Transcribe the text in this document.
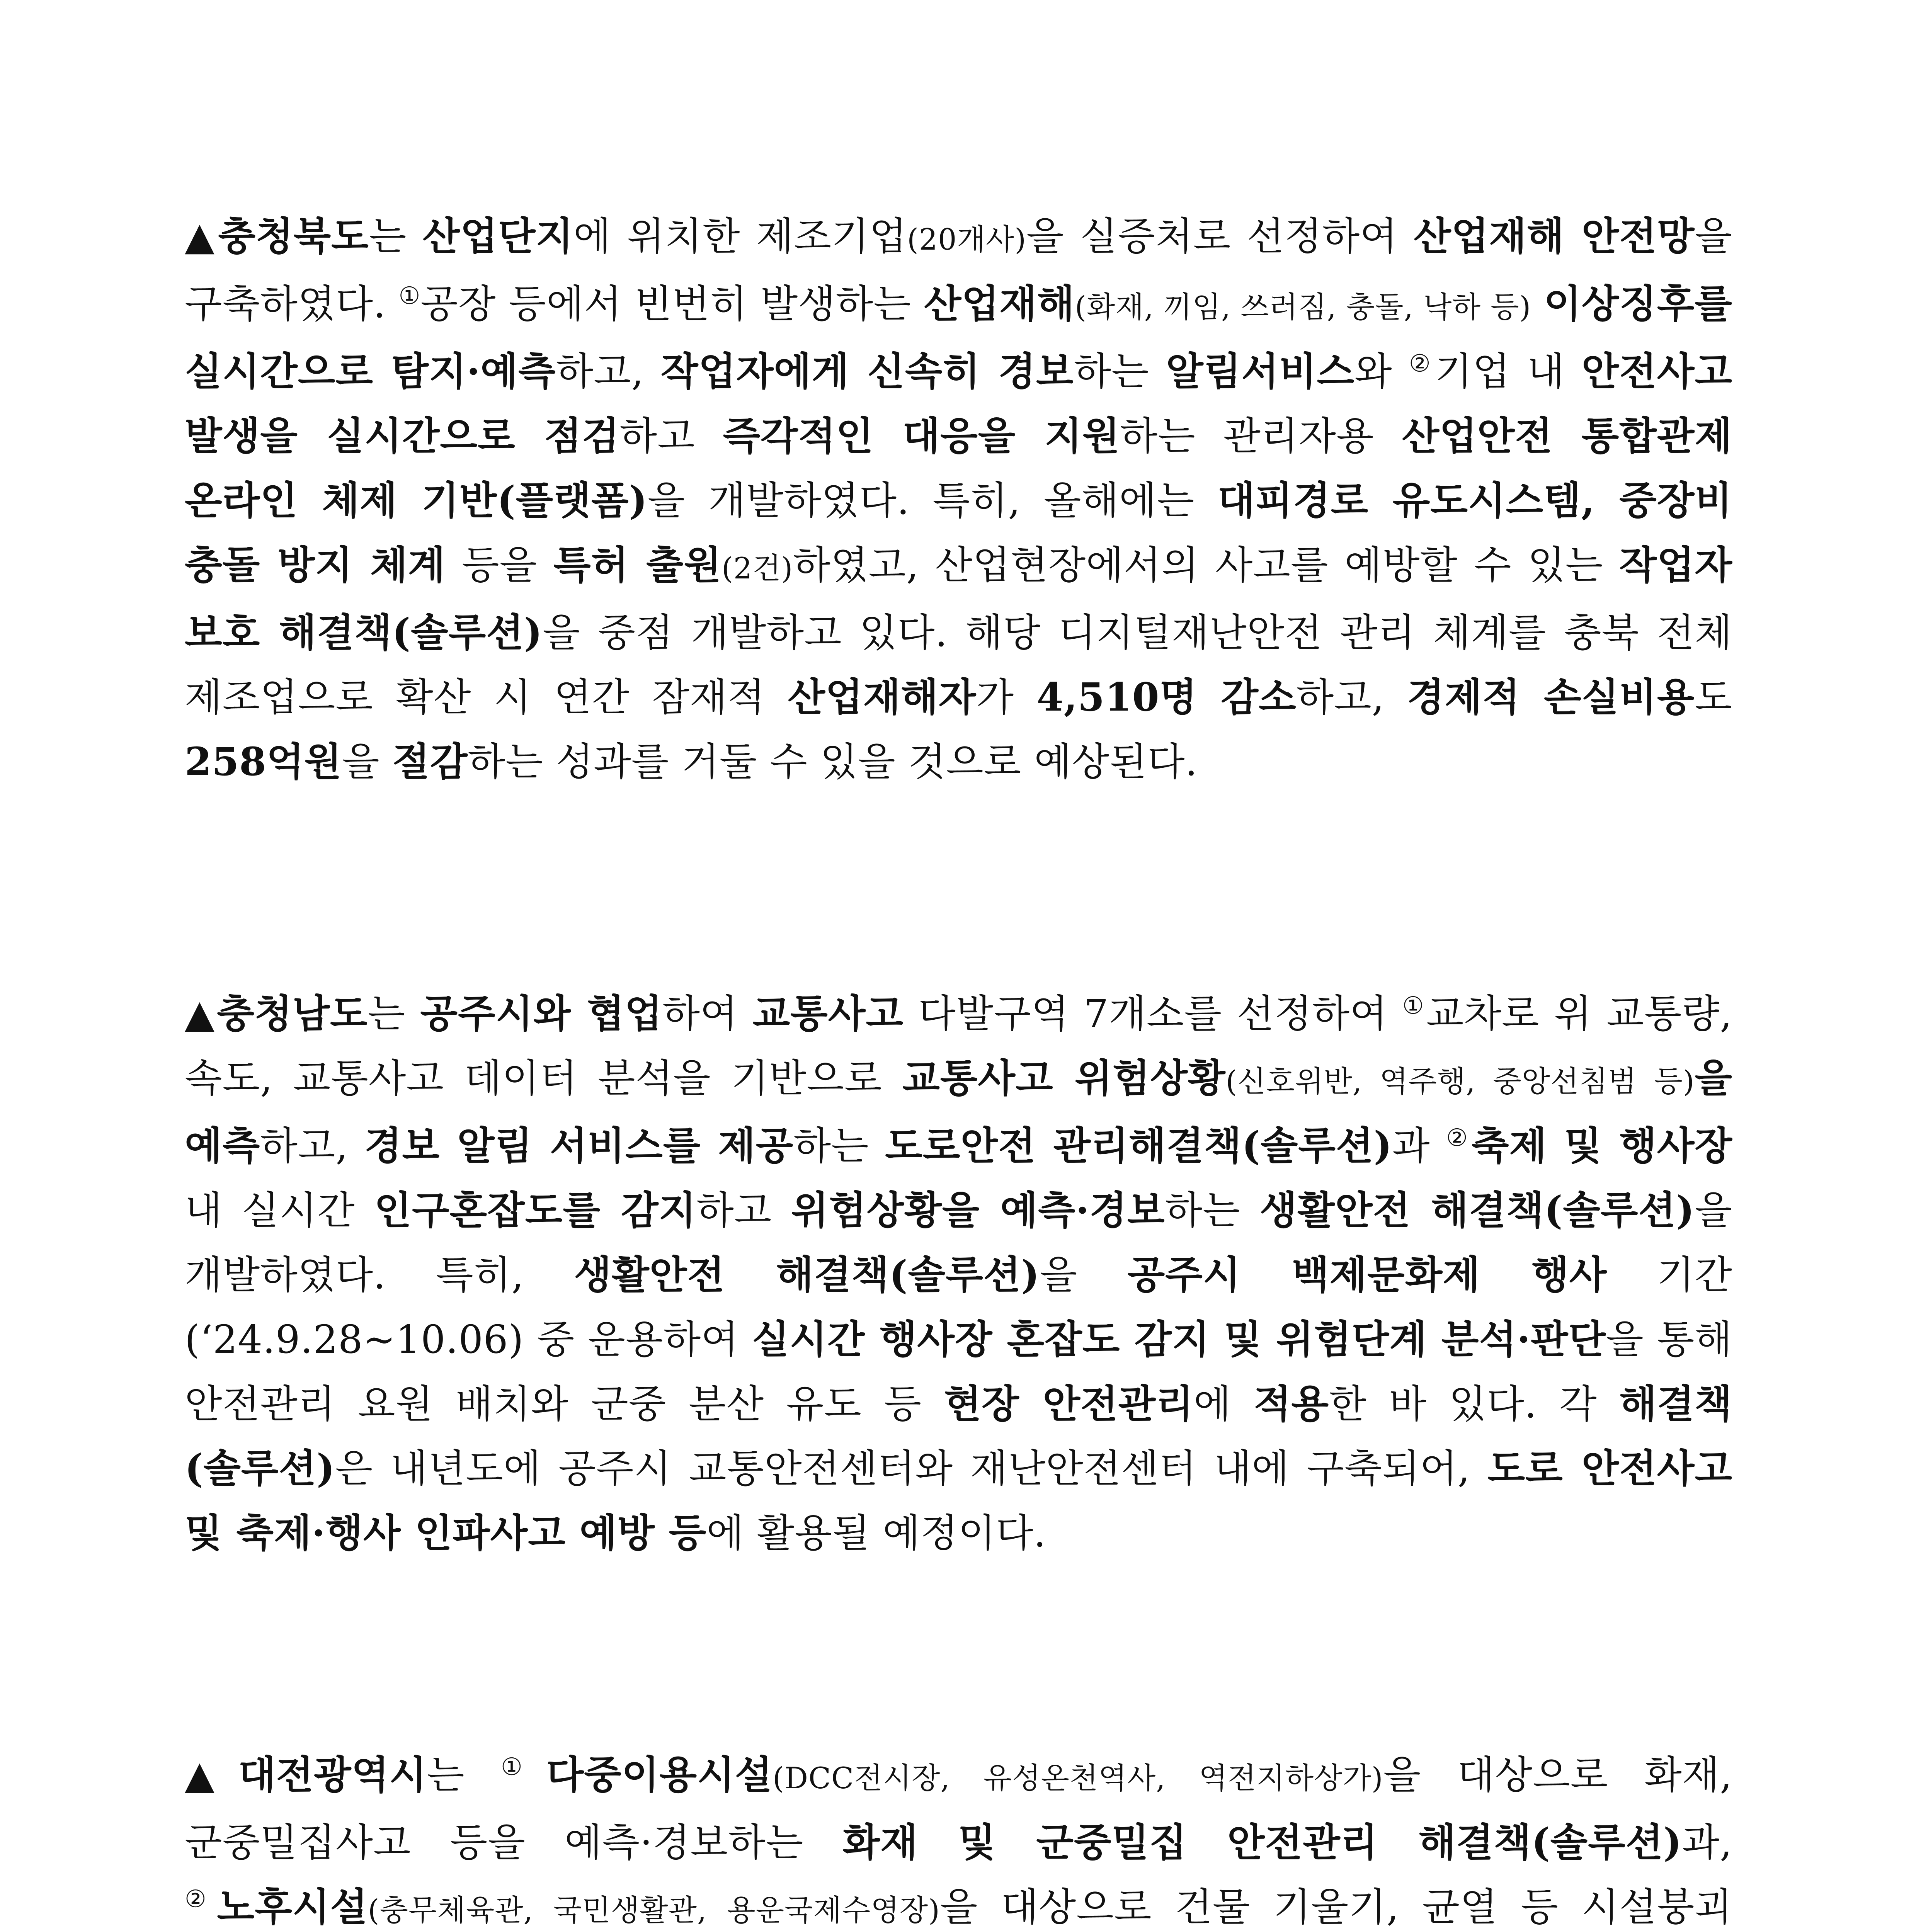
▲충청북도는 산업단지에 위치한 제조기업(20개사)을 실증처로 선정하여 산업재해 안전망을 구축하였다. ①공장 등에서 빈번히 발생하는 산업재해(화재, 끼임, 쓰러짐, 충돌, 낙하 등) 이상징후를 실시간으로 탐지·예측하고, 작업자에게 신속히 경보하는 알림서비스와 ②기업 내 안전사고 발생을 실시간으로 점검하고 즉각적인 대응을 지원하는 관리자용 산업안전 통합관제 온라인 체제 기반(플랫폼)을 개발하였다. 특히, 올해에는 대피경로 유도시스템, 중장비 충돌 방지 체계 등을 특허 출원(2건)하였고, 산업현장에서의 사고를 예방할 수 있는 작업자 보호 해결책(솔루션)을 중점 개발하고 있다. 해당 디지털재난안전 관리 체계를 충북 전체 제조업으로 확산 시 연간 잠재적 산업재해자가 4,510명 감소하고, 경제적 손실비용도 258억원을 절감하는 성과를 거둘 수 있을 것으로 예상된다.

▲충청남도는 공주시와 협업하여 교통사고 다발구역 7개소를 선정하여 ①교차로 위 교통량, 속도, 교통사고 데이터 분석을 기반으로 교통사고 위험상황(신호위반, 역주행, 중앙선침범 등)을 예측하고, 경보 알림 서비스를 제공하는 도로안전 관리해결책(솔루션)과 ②축제 및 행사장 내 실시간 인구혼잡도를 감지하고 위험상황을 예측·경보하는 생활안전 해결책(솔루션)을 개발하였다. 특히, 생활안전 해결책(솔루션)을 공주시 백제문화제 행사 기간(‘24.9.28~10.06) 중 운용하여 실시간 행사장 혼잡도 감지 및 위험단계 분석·판단을 통해 안전관리 요원 배치와 군중 분산 유도 등 현장 안전관리에 적용한 바 있다. 각 해결책(솔루션)은 내년도에 공주시 교통안전센터와 재난안전센터 내에 구축되어, 도로 안전사고 및 축제·행사 인파사고 예방 등에 활용될 예정이다.

▲대전광역시는 ①다중이용시설(DCC전시장, 유성온천역사, 역전지하상가)을 대상으로 화재, 군중밀집사고 등을 예측·경보하는 화재 및 군중밀집 안전관리 해결책(솔루션)과, ②노후시설(충무체육관, 국민생활관, 용운국제수영장)을 대상으로 건물 기울기, 균열 등 시설붕괴
